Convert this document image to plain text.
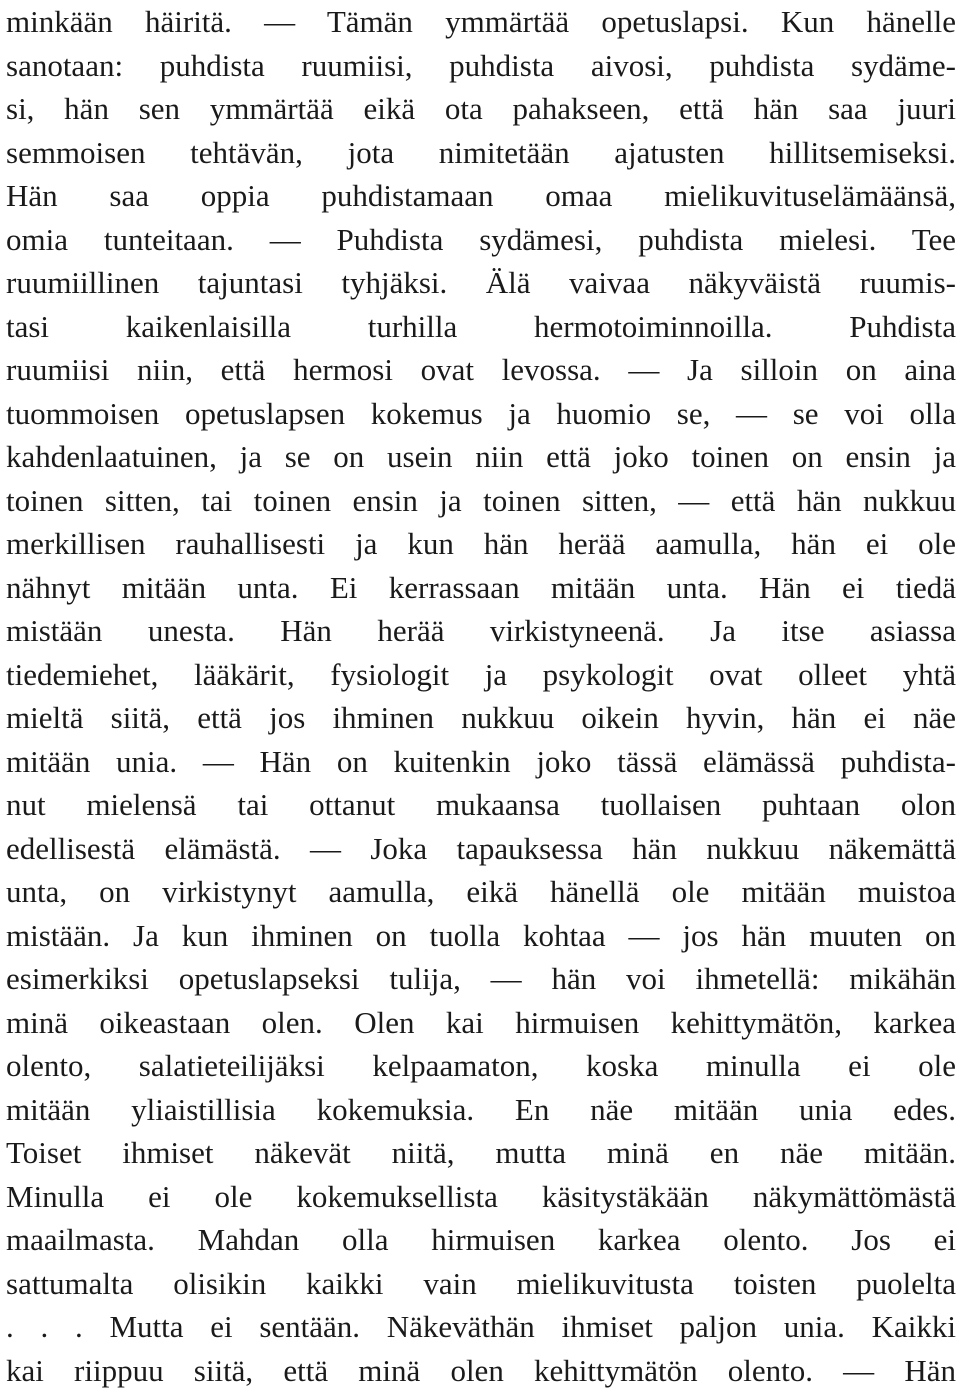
minkään häiritä. — Tämän ymmärtää opetuslapsi. Kun hänelle
sanotaan: puhdista ruumiisi, puhdista aivosi, puhdista sydäme-
si, hän sen ymmärtää eikä ota pahakseen, että hän saa juuri
semmoisen tehtävän, jota nimitetään ajatusten hillitsemiseksi.
Hän saa oppia puhdistamaan omaa mielikuvituselämäänsä,
omia tunteitaan. — Puhdista sydämesi, puhdista mielesi. Tee
ruumiillinen tajuntasi tyhjäksi. Älä vaivaa näkyväistä ruumis-
tasi kaikenlaisilla turhilla hermotoiminnoilla. Puhdista
ruumiisi niin, että hermosi ovat levossa. — Ja silloin on aina
tuommoisen opetuslapsen kokemus ja huomio se, — se voi olla
kahdenlaatuinen, ja se on usein niin että joko toinen on ensin ja
toinen sitten, tai toinen ensin ja toinen sitten, — että hän nukkuu
merkillisen rauhallisesti ja kun hän herää aamulla, hän ei ole
nähnyt mitään unta. Ei kerrassaan mitään unta. Hän ei tiedä
mistään unesta. Hän herää virkistyneenä. Ja itse asiassa
tiedemiehet, lääkärit, fysiologit ja psykologit ovat olleet yhtä
mieltä siitä, että jos ihminen nukkuu oikein hyvin, hän ei näe
mitään unia. — Hän on kuitenkin joko tässä elämässä puhdista-
nut mielensä tai ottanut mukaansa tuollaisen puhtaan olon
edellisestä elämästä. — Joka tapauksessa hän nukkuu näkemättä
unta, on virkistynyt aamulla, eikä hänellä ole mitään muistoa
mistään. Ja kun ihminen on tuolla kohtaa — jos hän muuten on
esimerkiksi opetuslapseksi tulija, — hän voi ihmetellä: mikähän
minä oikeastaan olen. Olen kai hirmuisen kehittymätön, karkea
olento, salatieteilijäksi kelpaamaton, koska minulla ei ole
mitään yliaistillisia kokemuksia. En näe mitään unia edes.
Toiset ihmiset näkevät niitä, mutta minä en näe mitään.
Minulla ei ole kokemuksellista käsitystäkään näkymättömästä
maailmasta. Mahdan olla hirmuisen karkea olento. Jos ei
sattumalta olisikin kaikki vain mielikuvitusta toisten puolelta
. . . Mutta ei sentään. Näkeväthän ihmiset paljon unia. Kaikki
kai riippuu siitä, että minä olen kehittymätön olento. — Hän
